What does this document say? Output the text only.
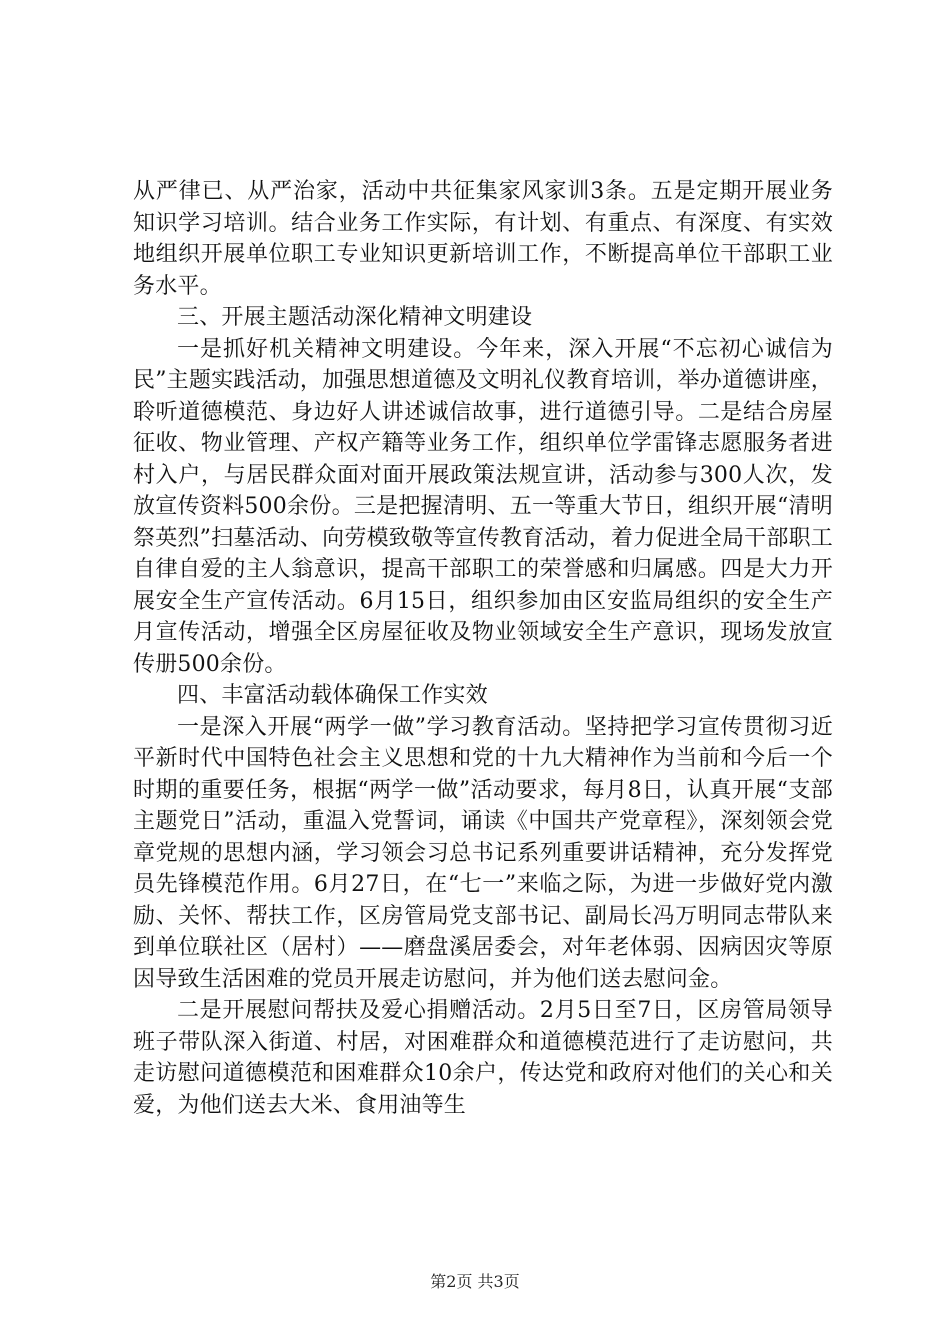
从严律已、从严治家，活动中共征集家风家训3条。五是定期开展业务知识学习培训。结合业务工作实际，有计划、有重点、有深度、有实效地组织开展单位职工专业知识更新培训工作，不断提高单位干部职工业务水平。

三、开展主题活动深化精神文明建设

一是抓好机关精神文明建设。今年来，深入开展“不忘初心诚信为民”主题实践活动，加强思想道德及文明礼仪教育培训，举办道德讲座，聆听道德模范、身边好人讲述诚信故事，进行道德引导。二是结合房屋征收、物业管理、产权产籍等业务工作，组织单位学雷锋志愿服务者进村入户，与居民群众面对面开展政策法规宣讲，活动参与300人次，发放宣传资料500余份。三是把握清明、五一等重大节日，组织开展“清明祭英烈”扫墓活动、向劳模致敬等宣传教育活动，着力促进全局干部职工自律自爱的主人翁意识，提高干部职工的荣誉感和归属感。四是大力开展安全生产宣传活动。6月15日，组织参加由区安监局组织的安全生产月宣传活动，增强全区房屋征收及物业领域安全生产意识，现场发放宣传册500余份。

四、丰富活动载体确保工作实效

一是深入开展“两学一做”学习教育活动。坚持把学习宣传贯彻习近平新时代中国特色社会主义思想和党的十九大精神作为当前和今后一个时期的重要任务，根据“两学一做”活动要求，每月8日，认真开展“支部主题党日”活动，重温入党誓词，诵读《中国共产党章程》，深刻领会党章党规的思想内涵，学习领会习总书记系列重要讲话精神，充分发挥党员先锋模范作用。6月27日，在“七一”来临之际，为进一步做好党内激励、关怀、帮扶工作，区房管局党支部书记、副局长冯万明同志带队来到单位联社区（居村）——磨盘溪居委会，对年老体弱、因病因灾等原因导致生活困难的党员开展走访慰问，并为他们送去慰问金。

二是开展慰问帮扶及爱心捐赠活动。2月5日至7日，区房管局领导班子带队深入街道、村居，对困难群众和道德模范进行了走访慰问，共走访慰问道德模范和困难群众10余户，传达党和政府对他们的关心和关爱，为他们送去大米、食用油等生

第2页 共3页
